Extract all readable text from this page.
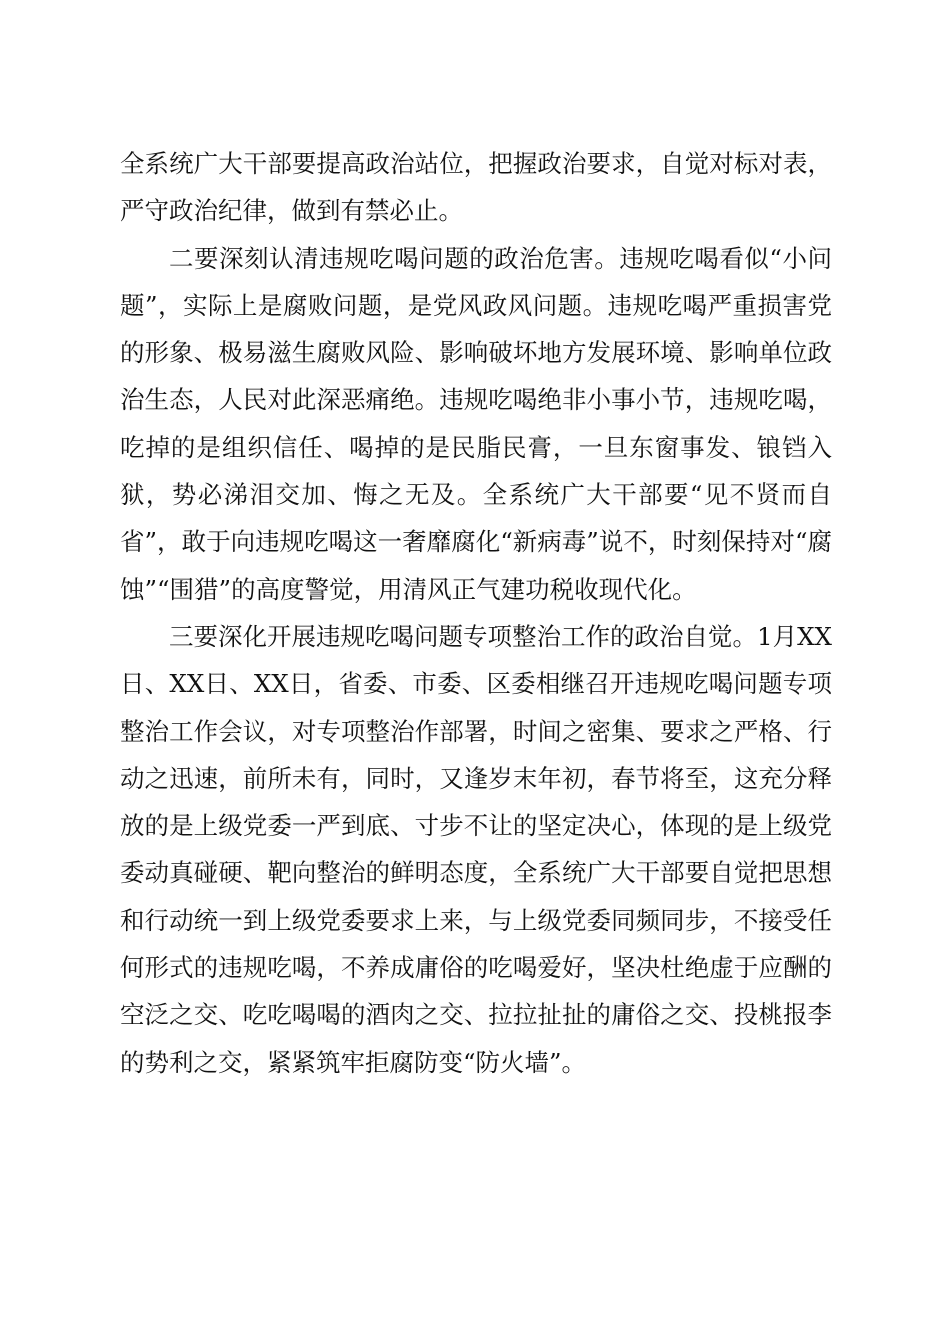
全系统广大干部要提高政治站位，把握政治要求，自觉对标对表，严守政治纪律，做到有禁必止。

二要深刻认清违规吃喝问题的政治危害。违规吃喝看似“小问题”，实际上是腐败问题，是党风政风问题。违规吃喝严重损害党的形象、极易滋生腐败风险、影响破坏地方发展环境、影响单位政治生态，人民对此深恶痛绝。违规吃喝绝非小事小节，违规吃喝，吃掉的是组织信任、喝掉的是民脂民膏，一旦东窗事发、锒铛入狱，势必涕泪交加、悔之无及。全系统广大干部要“见不贤而自省”，敢于向违规吃喝这一奢靡腐化“新病毒”说不，时刻保持对“腐蚀”“围猎”的高度警觉，用清风正气建功税收现代化。

三要深化开展违规吃喝问题专项整治工作的政治自觉。1月XX日、XX日、XX日，省委、市委、区委相继召开违规吃喝问题专项整治工作会议，对专项整治作部署，时间之密集、要求之严格、行动之迅速，前所未有，同时，又逢岁末年初，春节将至，这充分释放的是上级党委一严到底、寸步不让的坚定决心，体现的是上级党委动真碰硬、靶向整治的鲜明态度，全系统广大干部要自觉把思想和行动统一到上级党委要求上来，与上级党委同频同步，不接受任何形式的违规吃喝，不养成庸俗的吃喝爱好，坚决杜绝虚于应酬的空泛之交、吃吃喝喝的酒肉之交、拉拉扯扯的庸俗之交、投桃报李的势利之交，紧紧筑牢拒腐防变“防火墙”。
